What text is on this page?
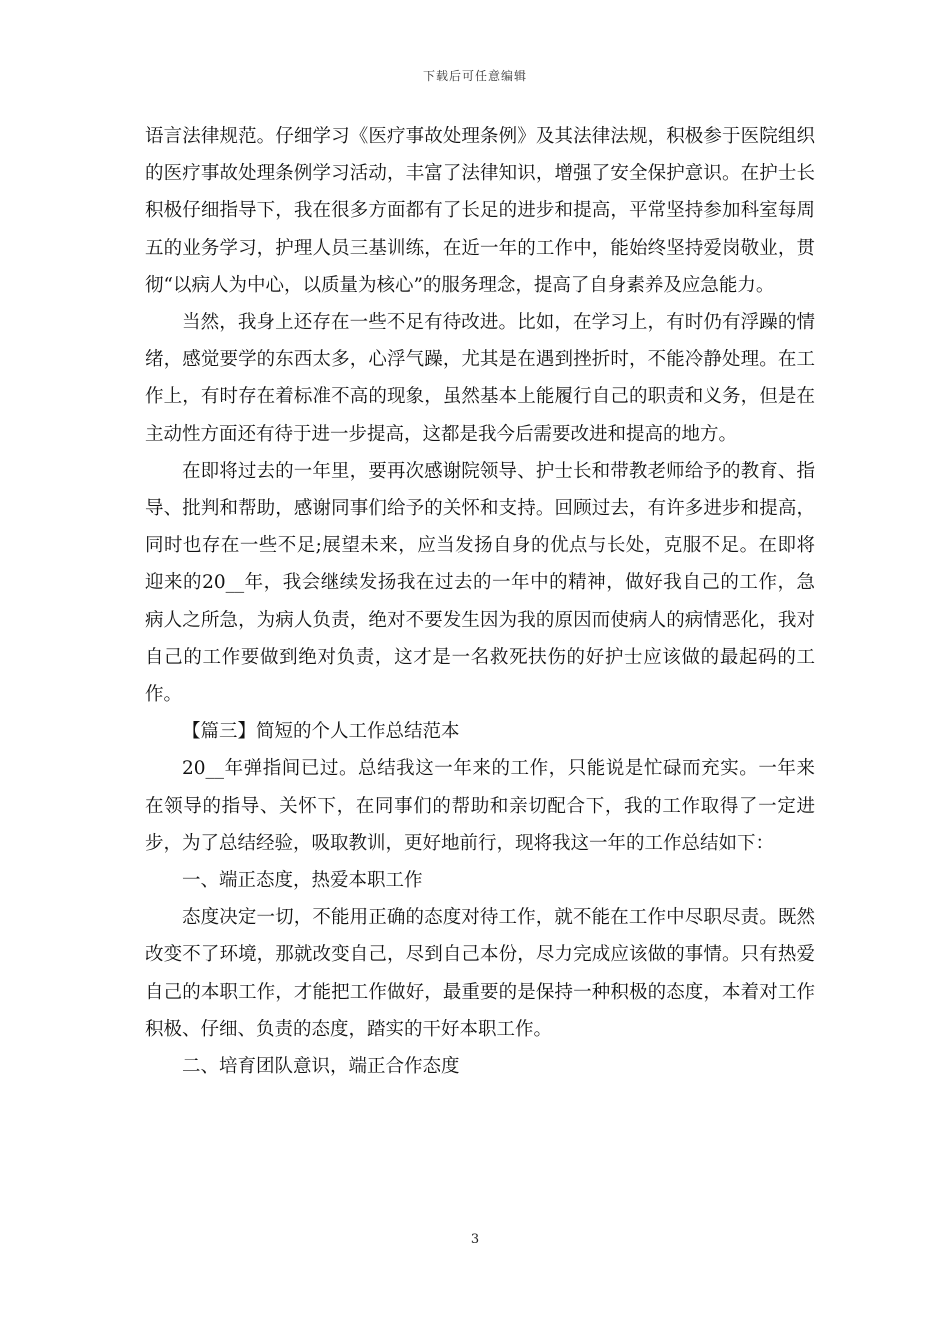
下载后可任意编辑

语言法律规范。仔细学习《医疗事故处理条例》及其法律法规，积极参于医院组织的医疗事故处理条例学习活动，丰富了法律知识，增强了安全保护意识。在护士长积极仔细指导下，我在很多方面都有了长足的进步和提高，平常坚持参加科室每周五的业务学习，护理人员三基训练，在近一年的工作中，能始终坚持爱岗敬业，贯彻“以病人为中心，以质量为核心”的服务理念，提高了自身素养及应急能力。

当然，我身上还存在一些不足有待改进。比如，在学习上，有时仍有浮躁的情绪，感觉要学的东西太多，心浮气躁，尤其是在遇到挫折时，不能冷静处理。在工作上，有时存在着标准不高的现象，虽然基本上能履行自己的职责和义务，但是在主动性方面还有待于进一步提高，这都是我今后需要改进和提高的地方。

在即将过去的一年里，要再次感谢院领导、护士长和带教老师给予的教育、指导、批判和帮助，感谢同事们给予的关怀和支持。回顾过去，有许多进步和提高，同时也存在一些不足;展望未来，应当发扬自身的优点与长处，克服不足。在即将迎来的20__年，我会继续发扬我在过去的一年中的精神，做好我自己的工作，急病人之所急，为病人负责，绝对不要发生因为我的原因而使病人的病情恶化，我对自己的工作要做到绝对负责，这才是一名救死扶伤的好护士应该做的最起码的工作。

【篇三】简短的个人工作总结范本

20__年弹指间已过。总结我这一年来的工作，只能说是忙碌而充实。一年来在领导的指导、关怀下，在同事们的帮助和亲切配合下，我的工作取得了一定进步，为了总结经验，吸取教训，更好地前行，现将我这一年的工作总结如下：

一、端正态度，热爱本职工作

态度决定一切，不能用正确的态度对待工作，就不能在工作中尽职尽责。既然改变不了环境，那就改变自己，尽到自己本份，尽力完成应该做的事情。只有热爱自己的本职工作，才能把工作做好，最重要的是保持一种积极的态度，本着对工作积极、仔细、负责的态度，踏实的干好本职工作。

二、培育团队意识，端正合作态度

3
